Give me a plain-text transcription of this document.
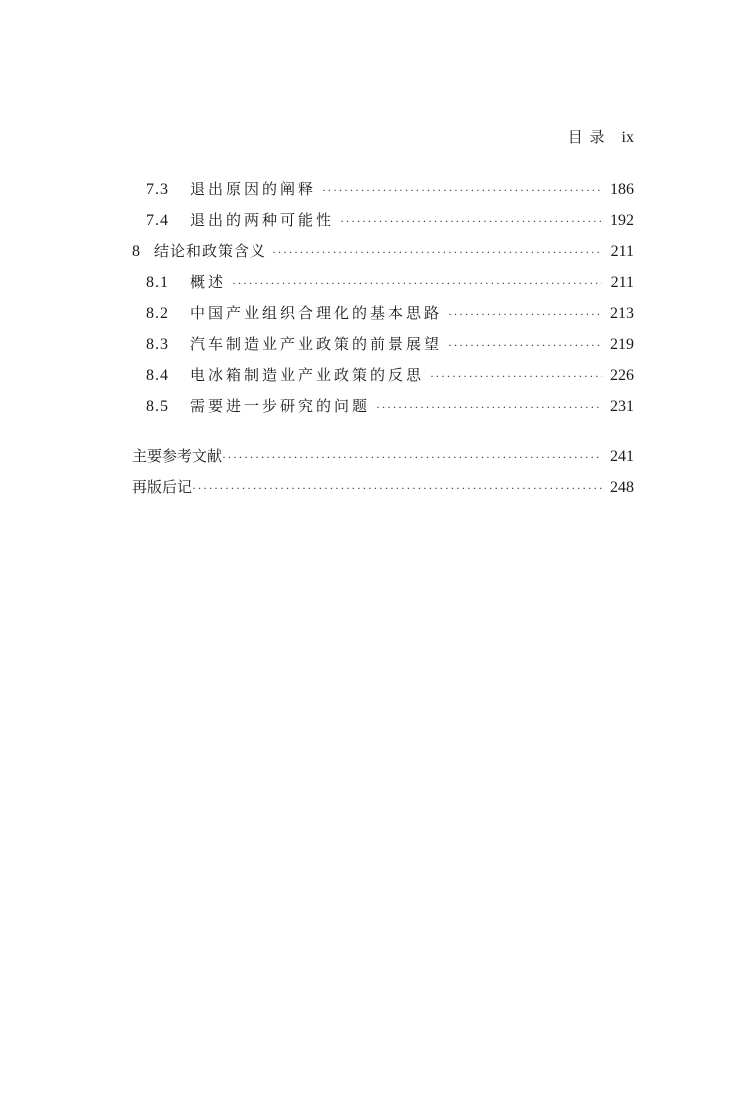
目 录 ix
7.3	退出原因的阐释 ·····	186
7.4	退出的两种可能性 ·····	192
8 结论和政策含义 ·····	211
8.1	概述 ·····	211
8.2	中国产业组织合理化的基本思路 ·····	213
8.3	汽车制造业产业政策的前景展望 ·····	219
8.4	电冰箱制造业产业政策的反思 ·····	226
8.5	需要进一步研究的问题 ·····	231
主要参考文献 ·····	241
再版后记 ·····	248
